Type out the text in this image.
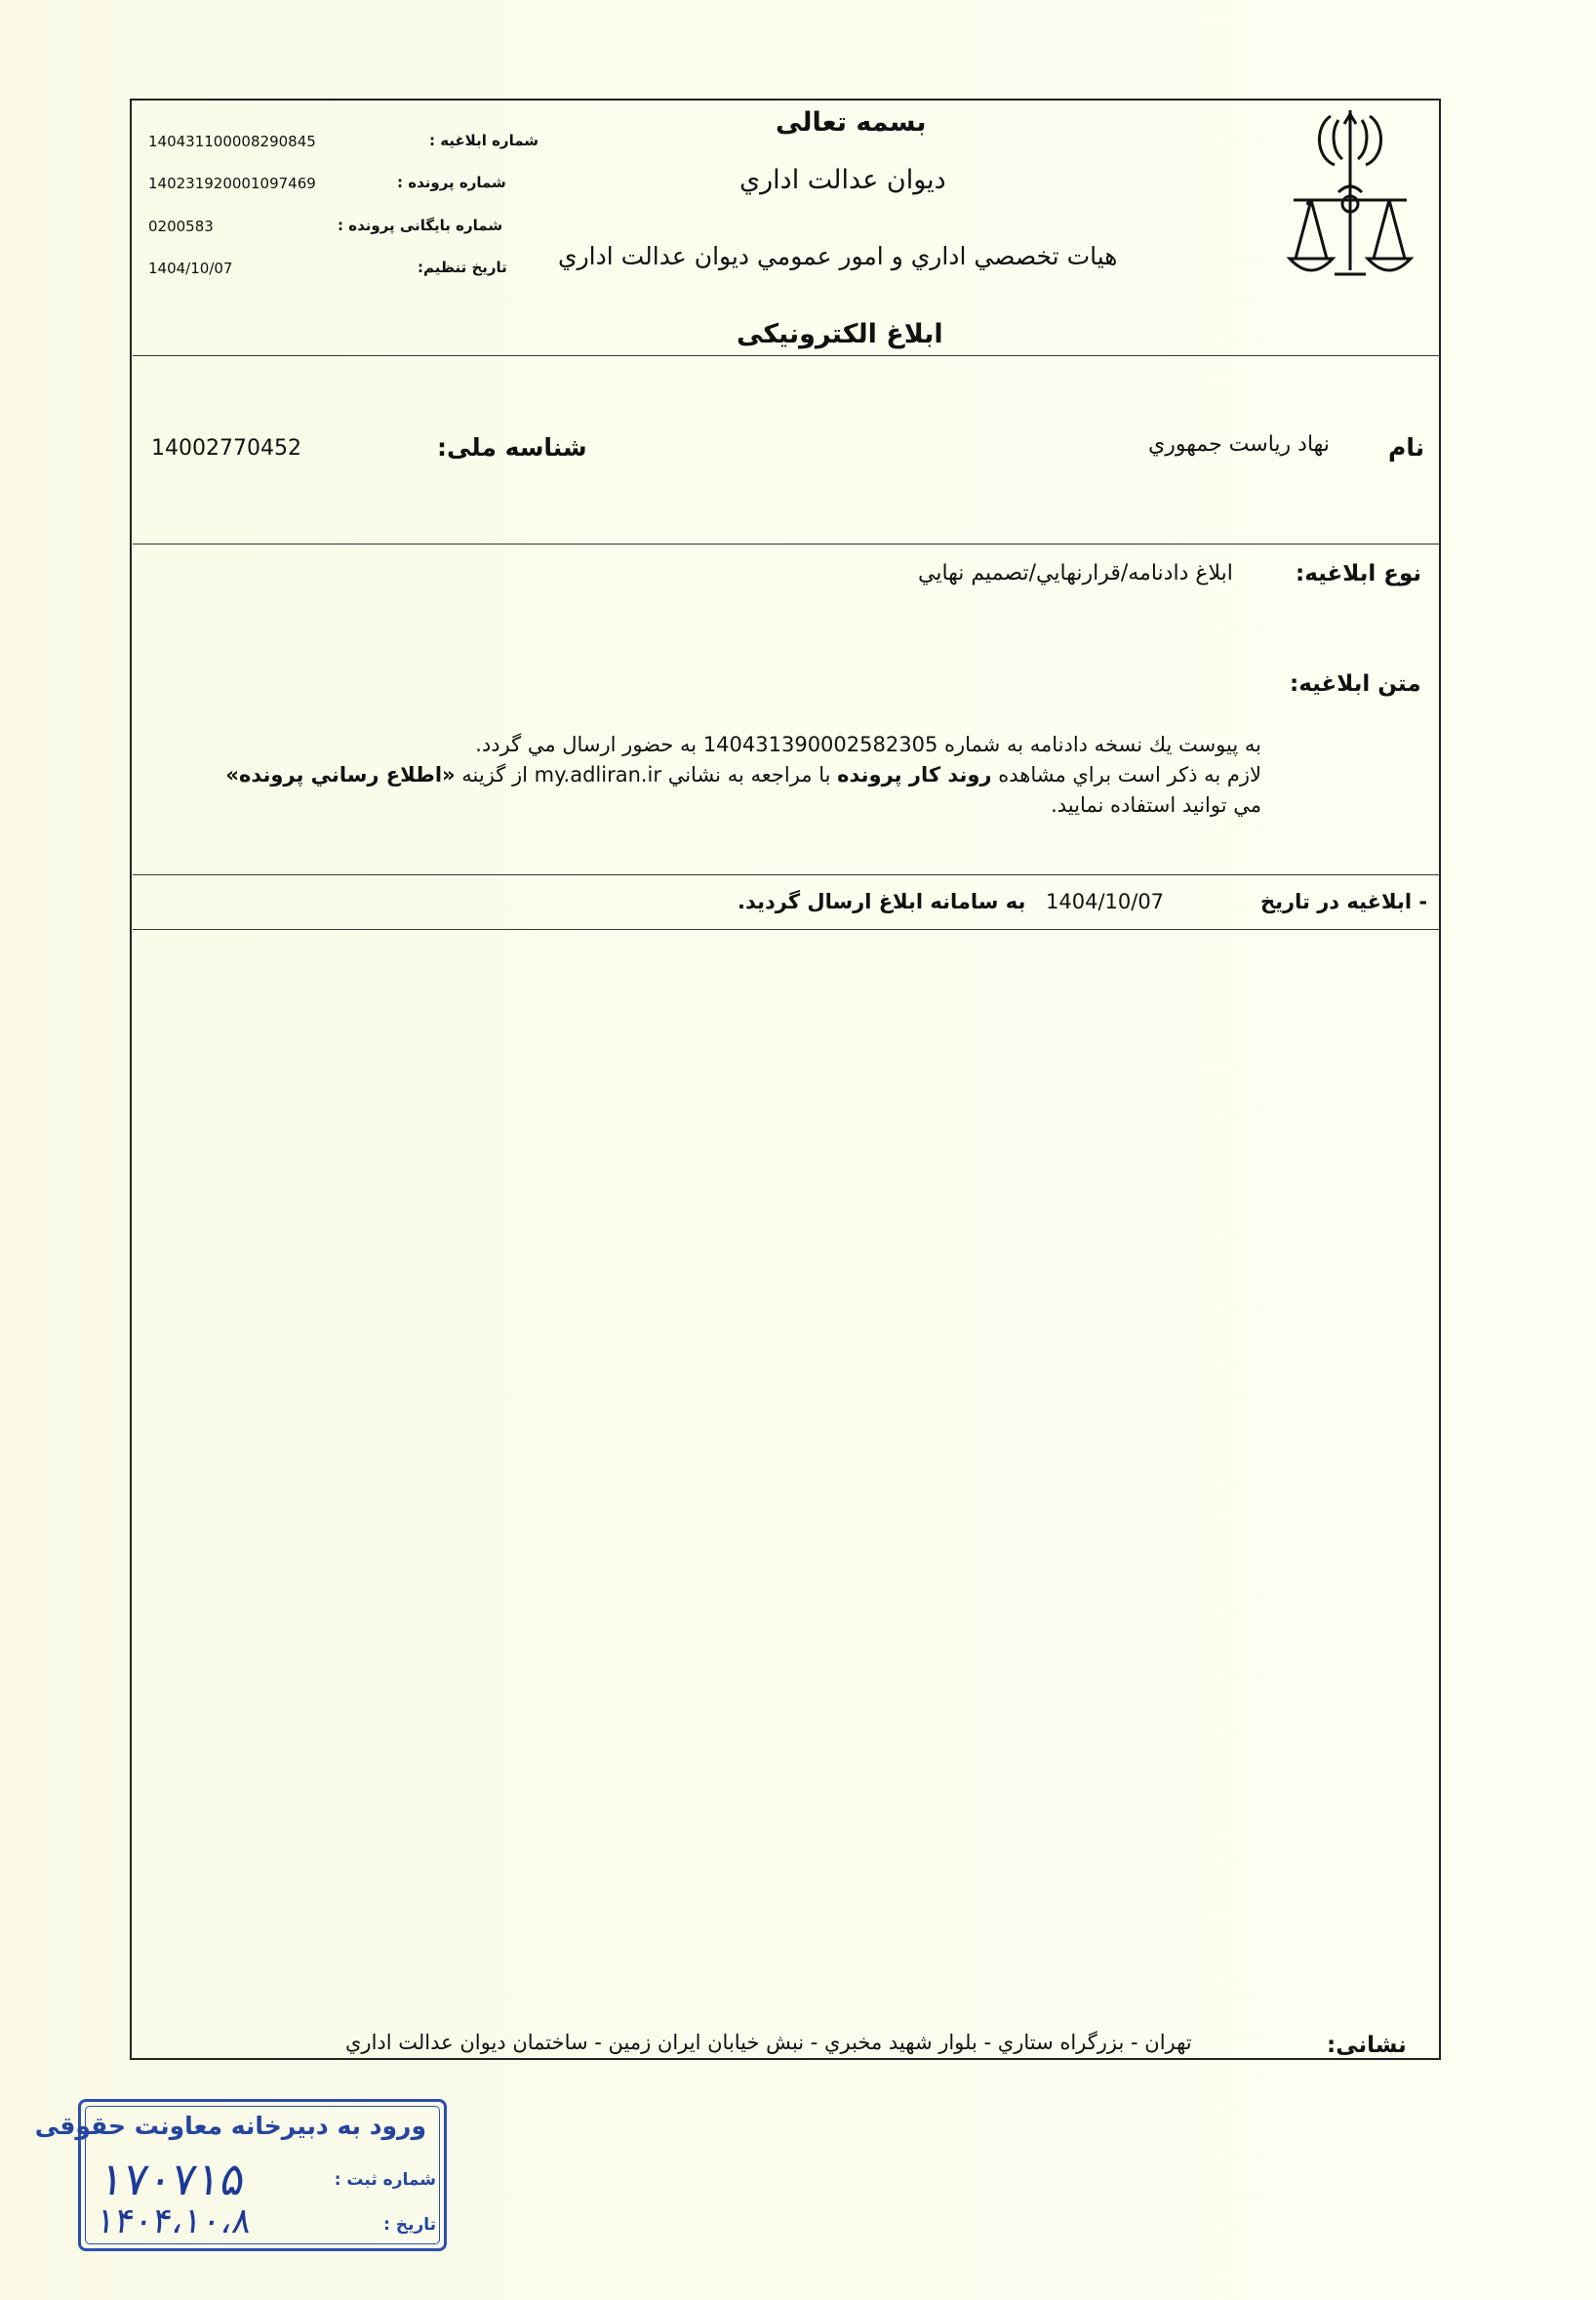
بسمه تعالی
ديوان عدالت اداري
هيات تخصصي اداري و امور عمومي ديوان عدالت اداري
ابلاغ الکترونیکی
شماره ابلاغیه :
140431100008290845
شماره پرونده :
140231920001097469
شماره بایگانی پرونده :
0200583
تاریخ تنظیم:
1404/10/07
نام
نهاد رياست جمهوري
شناسه ملی:
14002770452
نوع ابلاغیه:
ابلاغ دادنامه/قرارنهايي/تصميم نهايي
متن ابلاغیه:

به پيوست يك نسخه دادنامه به شماره 140431390002582305 به حضور ارسال مي گردد.

لازم به ذكر است براي مشاهده روند كار پرونده با مراجعه به نشاني my.adliran.ir از گزينه «اطلاع رساني پرونده» مي توانيد استفاده نماييد.

- ابلاغیه در تاریخ
1404/10/07
به سامانه ابلاغ ارسال گردید.
نشانی:
تهران - بزرگراه ستاري - بلوار شهيد مخبري - نبش خيابان ايران زمين - ساختمان ديوان عدالت اداري
ورود به دبیرخانه معاونت حقوقی
شماره ثبت :
١٧٠٧١۵
تاریخ :
١۴٠۴،١٠،٨
